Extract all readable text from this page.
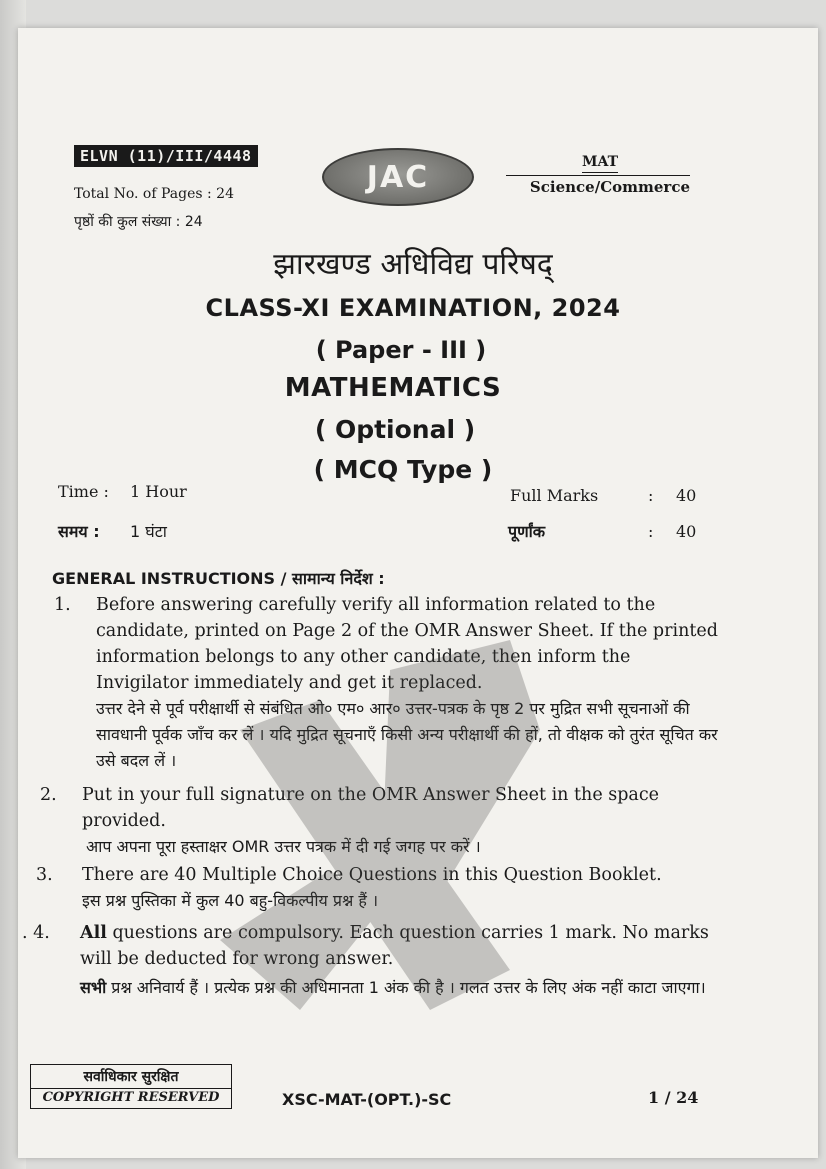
ELVN (11)/III/4448
Total No. of Pages : 24
पृष्ठों की कुल संख्या : 24
JAC	MAT
Science/Commerce
झारखण्ड अधिविद्य परिषद्
CLASS-XI EXAMINATION, 2024
( Paper - III )
MATHEMATICS
( Optional )
( MCQ Type )
Time : 1 Hour
समय : 1 घंटा
Full Marks	: 40
पूर्णांक	: 40
GENERAL INSTRUCTIONS / सामान्य निर्देश :
1.	Before answering carefully verify all information related to the candidate, printed on Page 2 of the OMR Answer Sheet. If the printed information belongs to any other candidate, then inform the Invigilator immediately and get it replaced.
उत्तर देने से पूर्व परीक्षार्थी से संबंधित ओ० एम० आर० उत्तर-पत्रक के पृष्ठ 2 पर मुद्रित सभी सूचनाओं की सावधानी पूर्वक जाँच कर लें । यदि मुद्रित सूचनाएँ किसी अन्य परीक्षार्थी की हों, तो वीक्षक को तुरंत सूचित कर उसे बदल लें ।
2.	Put in your full signature on the OMR Answer Sheet in the space provided.
आप अपना पूरा हस्ताक्षर OMR उत्तर पत्रक में दी गई जगह पर करें ।
3.	There are 40 Multiple Choice Questions in this Question Booklet.
इस प्रश्न पुस्तिका में कुल 40 बहु-विकल्पीय प्रश्न हैं ।
. 4.	All questions are compulsory. Each question carries 1 mark. No marks will be deducted for wrong answer.
सभी प्रश्न अनिवार्य हैं । प्रत्येक प्रश्न की अधिमानता 1 अंक की है । गलत उत्तर के लिए अंक नहीं काटा जाएगा।
सर्वाधिकार सुरक्षित
COPYRIGHT RESERVED	XSC-MAT-(OPT.)-SC	1 / 24
